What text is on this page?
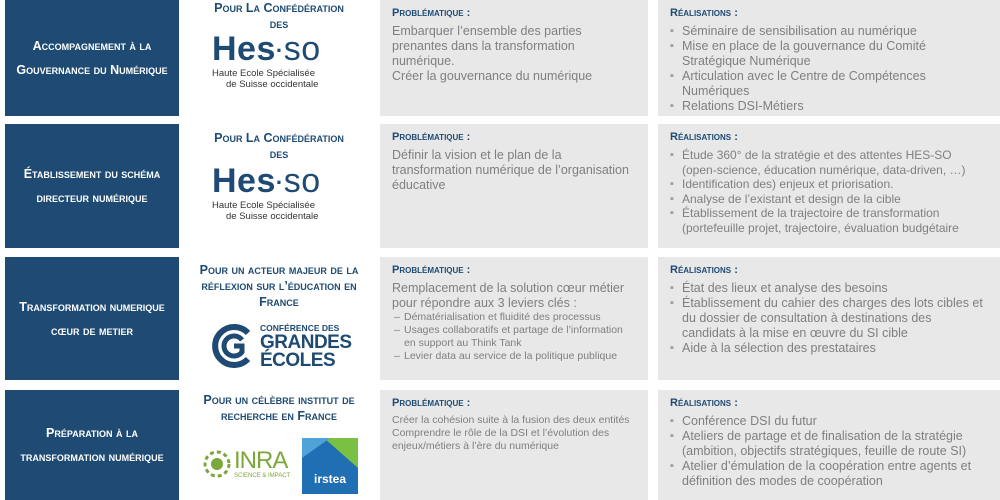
Accompagnement à la Gouvernance du Numérique
Pour La Confédération des
Hes·so
Haute Ecole Spécialisée
de Suisse occidentale
Problématique :
Embarquer l’ensemble des parties prenantes dans la transformation numérique.
Créer la gouvernance du numérique
Réalisations :
▪ Séminaire de sensibilisation au numérique
▪ Mise en place de la gouvernance du Comité Stratégique Numérique
▪ Articulation avec le Centre de Compétences Numériques
▪ Relations DSI-Métiers
Établissement du schéma directeur numérique
Pour La Confédération des
Hes·so
Haute Ecole Spécialisée
de Suisse occidentale
Problématique :
Définir la vision et le plan de la transformation numérique de l’organisation éducative
Réalisations :
▪ Étude 360° de la stratégie et des attentes HES-SO (open-science, éducation numérique, data-driven, …)
▪ Identification des) enjeux et priorisation.
▪ Analyse de l’existant et design de la cible
▪ Établissement de la trajectoire de transformation (portefeuille projet, trajectoire, évaluation budgétaire
Transformation numerique cœur de metier
Pour un acteur majeur de la réflexion sur l’éducation en France
CONFÉRENCE DES
GRANDES
ÉCOLES
Problématique :
Remplacement de la solution cœur métier pour répondre aux 3 leviers clés :
– Dématérialisation et fluidité des processus
– Usages collaboratifs et partage de l’information en support au Think Tank
– Levier data au service de la politique publique
Réalisations :
▪ État des lieux et analyse des besoins
▪ Établissement du cahier des charges des lots cibles et du dossier de consultation à destinations des candidats à la mise en œuvre du SI cible
▪ Aide à la sélection des prestataires
Préparation à la transformation numérique
Pour un célèbre institut de recherche en France
INRA
SCIENCE & IMPACT	irstea
Problématique :
Créer la cohésion suite à la fusion des deux entités
Comprendre le rôle de la DSI et l’évolution des enjeux/métiers à l’ère du numérique
Réalisations :
▪ Conférence DSI du futur
▪ Ateliers de partage et de finalisation de la stratégie (ambition, objectifs stratégiques, feuille de route SI)
▪ Atelier d’émulation de la coopération entre agents et définition des modes de coopération
